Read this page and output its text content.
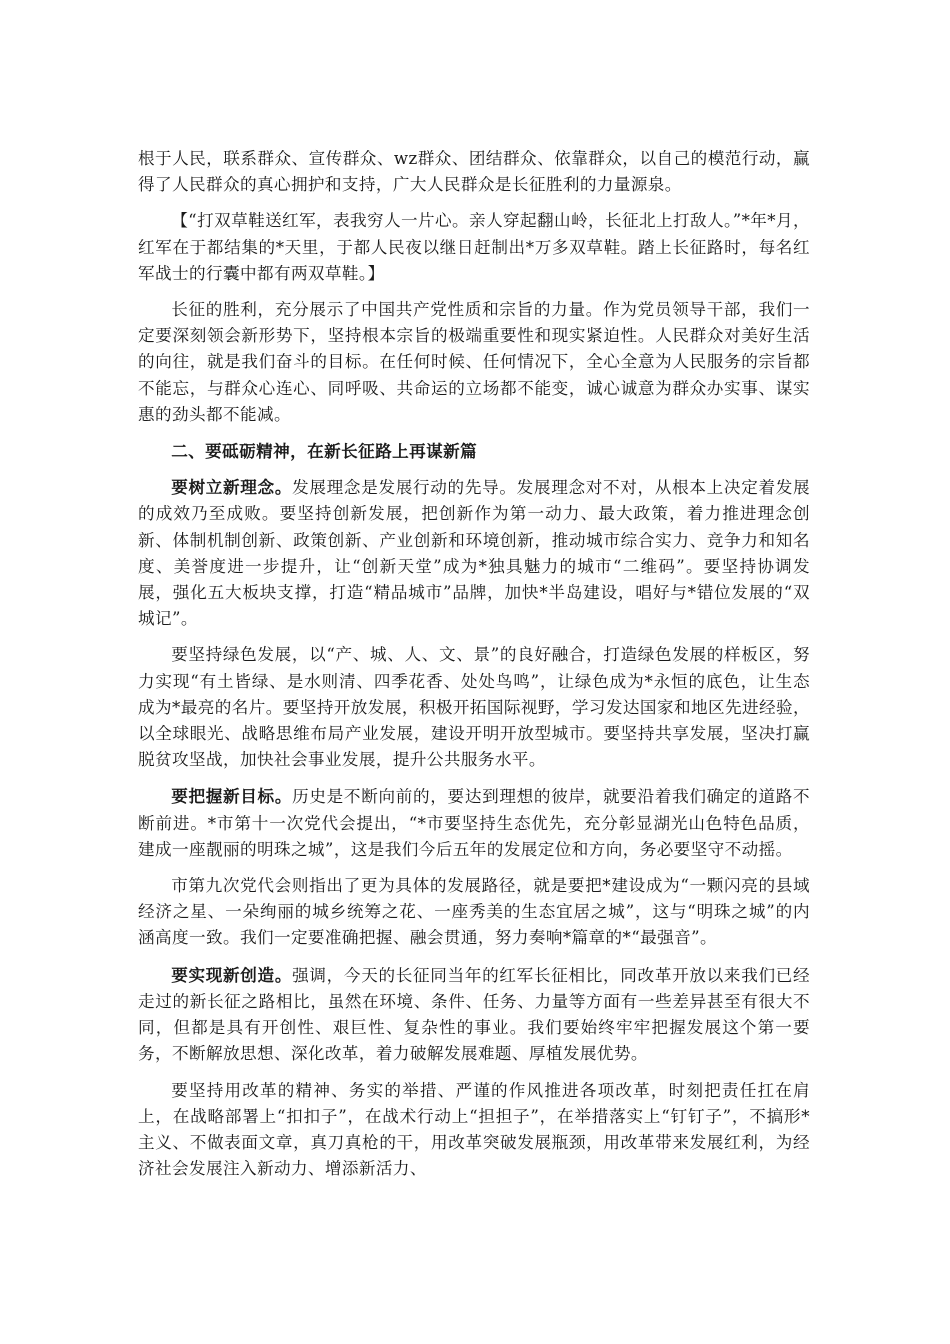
根于人民，联系群众、宣传群众、wz群众、团结群众、依靠群众，以自己的模范行动，赢得了人民群众的真心拥护和支持，广大人民群众是长征胜利的力量源泉。

【“打双草鞋送红军，表我穷人一片心。亲人穿起翻山岭，长征北上打敌人。”*年*月，红军在于都结集的*天里，于都人民夜以继日赶制出*万多双草鞋。踏上长征路时，每名红军战士的行囊中都有两双草鞋。】

长征的胜利，充分展示了中国共产党性质和宗旨的力量。作为党员领导干部，我们一定要深刻领会新形势下，坚持根本宗旨的极端重要性和现实紧迫性。人民群众对美好生活的向往，就是我们奋斗的目标。在任何时候、任何情况下，全心全意为人民服务的宗旨都不能忘，与群众心连心、同呼吸、共命运的立场都不能变，诚心诚意为群众办实事、谋实惠的劲头都不能减。

二、要砥砺精神，在新长征路上再谋新篇

要树立新理念。发展理念是发展行动的先导。发展理念对不对，从根本上决定着发展的成效乃至成败。要坚持创新发展，把创新作为第一动力、最大政策，着力推进理念创新、体制机制创新、政策创新、产业创新和环境创新，推动城市综合实力、竞争力和知名度、美誉度进一步提升，让“创新天堂”成为*独具魅力的城市“二维码”。要坚持协调发展，强化五大板块支撑，打造“精品城市”品牌，加快*半岛建设，唱好与*错位发展的“双城记”。

要坚持绿色发展，以“产、城、人、文、景”的良好融合，打造绿色发展的样板区，努力实现“有土皆绿、是水则清、四季花香、处处鸟鸣”，让绿色成为*永恒的底色，让生态成为*最亮的名片。要坚持开放发展，积极开拓国际视野，学习发达国家和地区先进经验，以全球眼光、战略思维布局产业发展，建设开明开放型城市。要坚持共享发展，坚决打赢脱贫攻坚战，加快社会事业发展，提升公共服务水平。

要把握新目标。历史是不断向前的，要达到理想的彼岸，就要沿着我们确定的道路不断前进。*市第十一次党代会提出，“*市要坚持生态优先，充分彰显湖光山色特色品质，建成一座靓丽的明珠之城”，这是我们今后五年的发展定位和方向，务必要坚守不动摇。

市第九次党代会则指出了更为具体的发展路径，就是要把*建设成为“一颗闪亮的县域经济之星、一朵绚丽的城乡统筹之花、一座秀美的生态宜居之城”，这与“明珠之城”的内涵高度一致。我们一定要准确把握、融会贯通，努力奏响*篇章的*“最强音”。

要实现新创造。强调，今天的长征同当年的红军长征相比，同改革开放以来我们已经走过的新长征之路相比，虽然在环境、条件、任务、力量等方面有一些差异甚至有很大不同，但都是具有开创性、艰巨性、复杂性的事业。我们要始终牢牢把握发展这个第一要务，不断解放思想、深化改革，着力破解发展难题、厚植发展优势。

要坚持用改革的精神、务实的举措、严谨的作风推进各项改革，时刻把责任扛在肩上，在战略部署上“扣扣子”，在战术行动上“担担子”，在举措落实上“钉钉子”，不搞形*主义、不做表面文章，真刀真枪的干，用改革突破发展瓶颈，用改革带来发展红利，为经济社会发展注入新动力、增添新活力、
